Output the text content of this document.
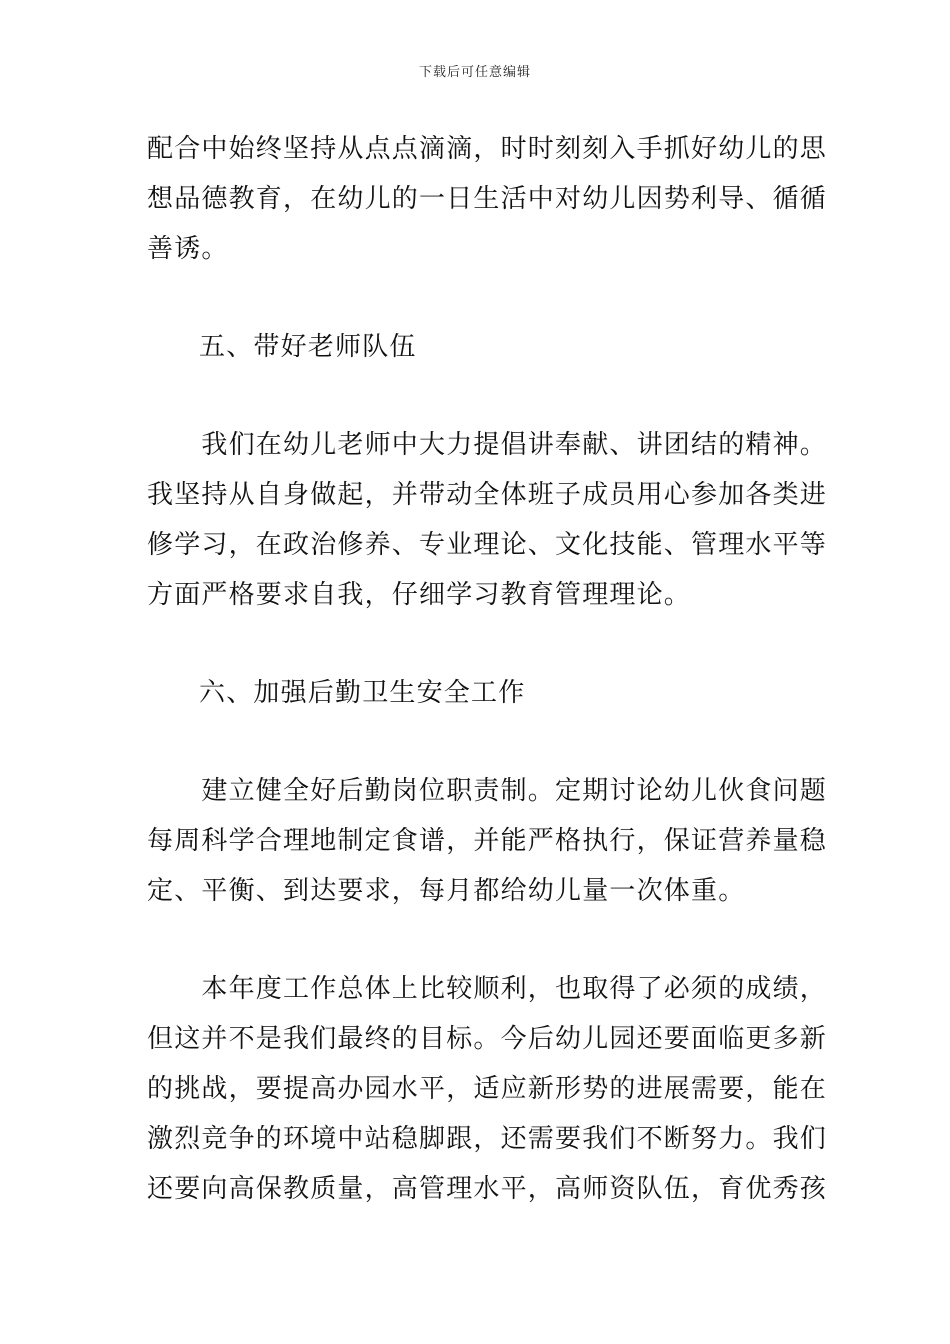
下载后可任意编辑

配合中始终坚持从点点滴滴，时时刻刻入手抓好幼儿的思
想品德教育，在幼儿的一日生活中对幼儿因势利导、循循
善诱。

五、带好老师队伍

　　我们在幼儿老师中大力提倡讲奉献、讲团结的精神。
我坚持从自身做起，并带动全体班子成员用心参加各类进
修学习，在政治修养、专业理论、文化技能、管理水平等
方面严格要求自我，仔细学习教育管理理论。

六、加强后勤卫生安全工作

　　建立健全好后勤岗位职责制。定期讨论幼儿伙食问题
每周科学合理地制定食谱，并能严格执行，保证营养量稳
定、平衡、到达要求，每月都给幼儿量一次体重。

　　本年度工作总体上比较顺利，也取得了必须的成绩，
但这并不是我们最终的目标。今后幼儿园还要面临更多新
的挑战，要提高办园水平，适应新形势的进展需要，能在
激烈竞争的环境中站稳脚跟，还需要我们不断努力。我们
还要向高保教质量，高管理水平，高师资队伍，育优秀孩
